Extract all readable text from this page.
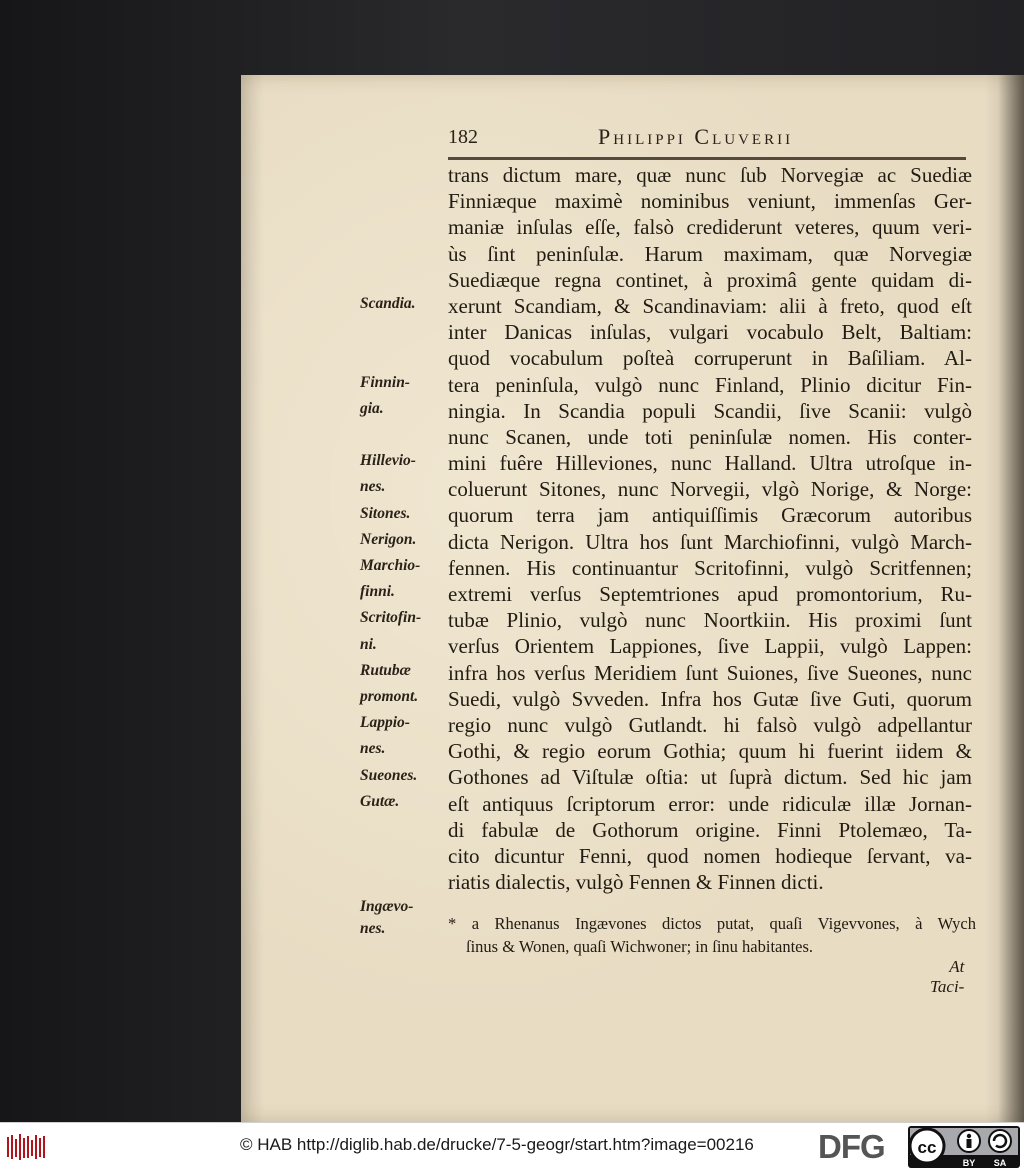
182	Philippi Cluverii
trans dictum mare, quæ nunc ſub Norvegiæ ac Suediæ
Finniæque maximè nominibus veniunt, immenſas Ger-
maniæ inſulas eſſe, falsò crediderunt veteres, quum veri-
ùs ſint peninſulæ. Harum maximam, quæ Norvegiæ
Suediæque regna continet, à proximâ gente quidam di-
xerunt Scandiam, & Scandinaviam: alii à freto, quod eſt
inter Danicas inſulas, vulgari vocabulo Belt, Baltiam:
quod vocabulum poſteà corruperunt in Baſiliam. Al-
tera peninſula, vulgò nunc Finland, Plinio dicitur Fin-
ningia. In Scandia populi Scandii, ſive Scanii: vulgò
nunc Scanen, unde toti peninſulæ nomen. His conter-
mini fuêre Hilleviones, nunc Halland. Ultra utroſque in-
coluerunt Sitones, nunc Norvegii, vlgò Norige, & Norge:
quorum terra jam antiquiſſimis Græcorum autoribus
dicta Nerigon. Ultra hos ſunt Marchiofinni, vulgò March-
fennen. His continuantur Scritofinni, vulgò Scritfennen;
extremi verſus Septemtriones apud promontorium, Ru-
tubæ Plinio, vulgò nunc Noortkiin. His proximi ſunt
verſus Orientem Lappiones, ſive Lappii, vulgò Lappen:
infra hos verſus Meridiem ſunt Suiones, ſive Sueones, nunc
Suedi, vulgò Svveden. Infra hos Gutæ ſive Guti, quorum
regio nunc vulgò Gutlandt. hi falsò vulgò adpellantur
Gothi, & regio eorum Gothia; quum hi fuerint iidem &
Gothones ad Viſtulæ oſtia: ut ſuprà dictum. Sed hic jam
eſt antiquus ſcriptorum error: unde ridiculæ illæ Jornan-
di fabulæ de Gothorum origine. Finni Ptolemæo, Ta-
cito dicuntur Fenni, quod nomen hodieque ſervant, va-
riatis dialectis, vulgò Fennen & Finnen dicti.
Scandia.
Finnin-
gia.
Hillevio-
nes.
Sitones.
Nerigon.
Marchio-
finni.
Scritofin-
ni.
Rutubæ
promont.
Lappio-
nes.
Sueones.
Gutæ.
Ingævo-
nes.	* a Rhenanus Ingævones dictos putat, quaſi Vigevvones, à Wych
ſinus & Wonen, quaſi Wichwoner; in ſinu habitantes.
At
Taci-
© HAB http://diglib.hab.de/drucke/7-5-geogr/start.htm?image=00216 DFG cc
BY SA
